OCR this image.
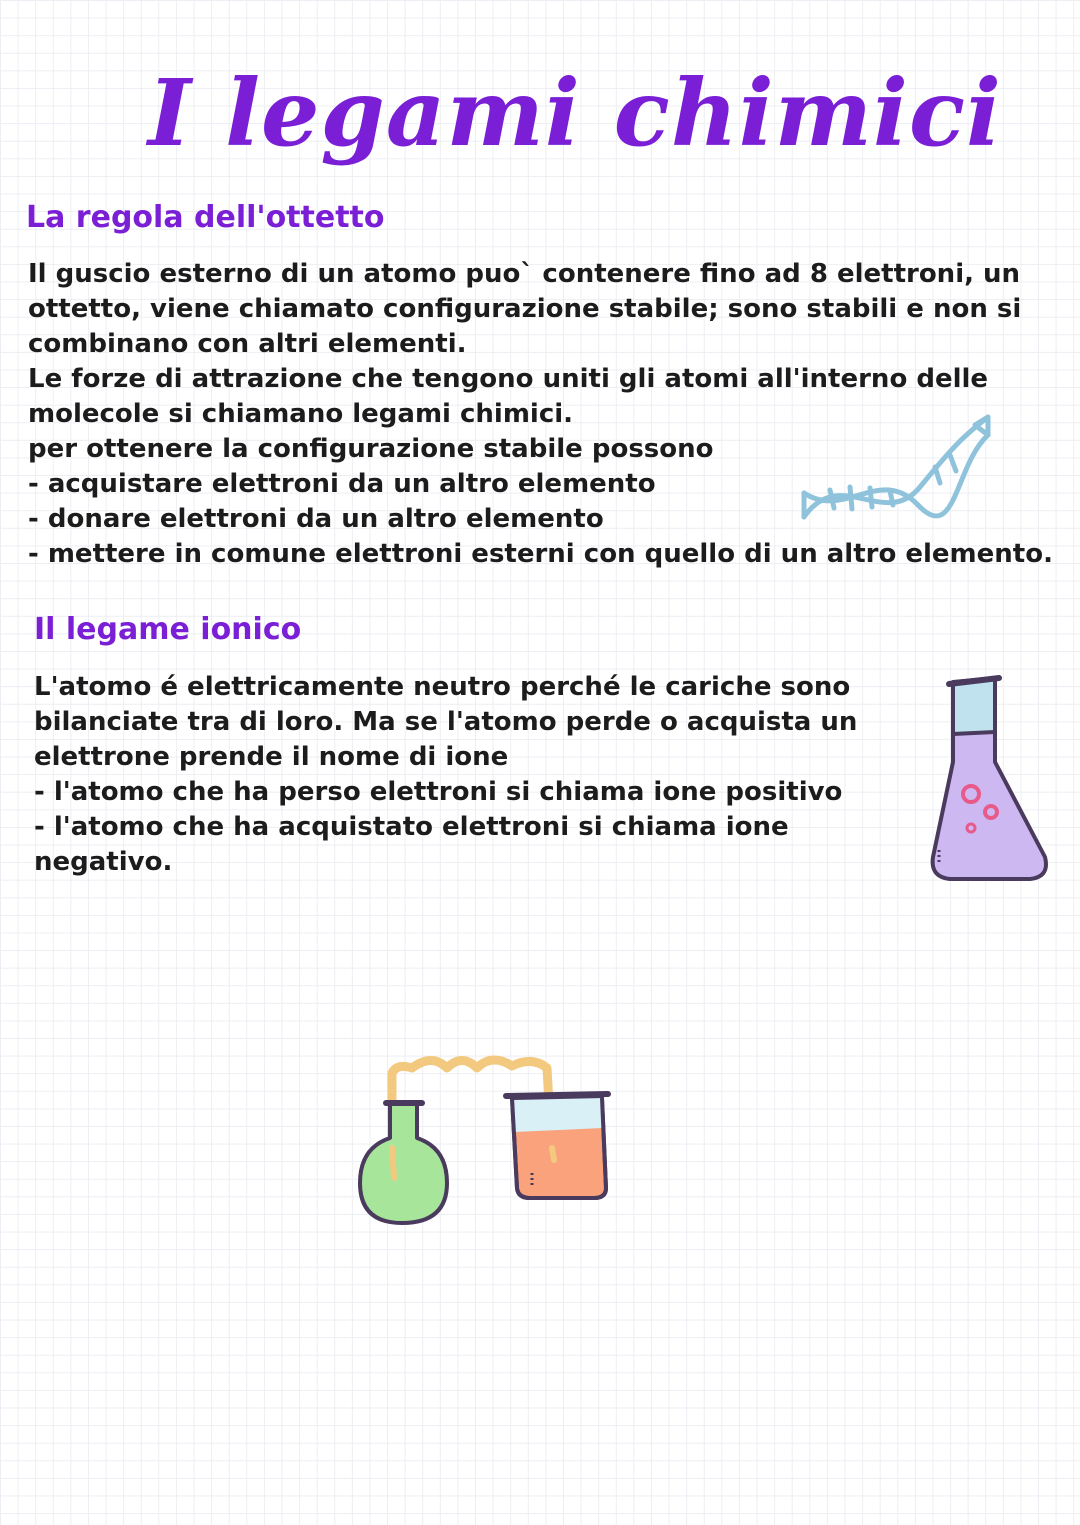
I legami chimici
La regola dell'ottetto
Il guscio esterno di un atomo puo` contenere fino ad 8 elettroni, un
ottetto, viene chiamato configurazione stabile; sono stabili e non si
combinano con altri elementi.
Le forze di attrazione che tengono uniti gli atomi all'interno delle
molecole si chiamano legami chimici.
per ottenere la configurazione stabile possono
- acquistare elettroni da un altro elemento
- donare elettroni da un altro elemento
- mettere in comune elettroni esterni con quello di un altro elemento.
Il legame ionico
L'atomo é elettricamente neutro perché le cariche sono
bilanciate tra di loro. Ma se l'atomo perde o acquista un
elettrone prende il nome di ione
- l'atomo che ha perso elettroni si chiama ione positivo
- l'atomo che ha acquistato elettroni si chiama ione
negativo.
